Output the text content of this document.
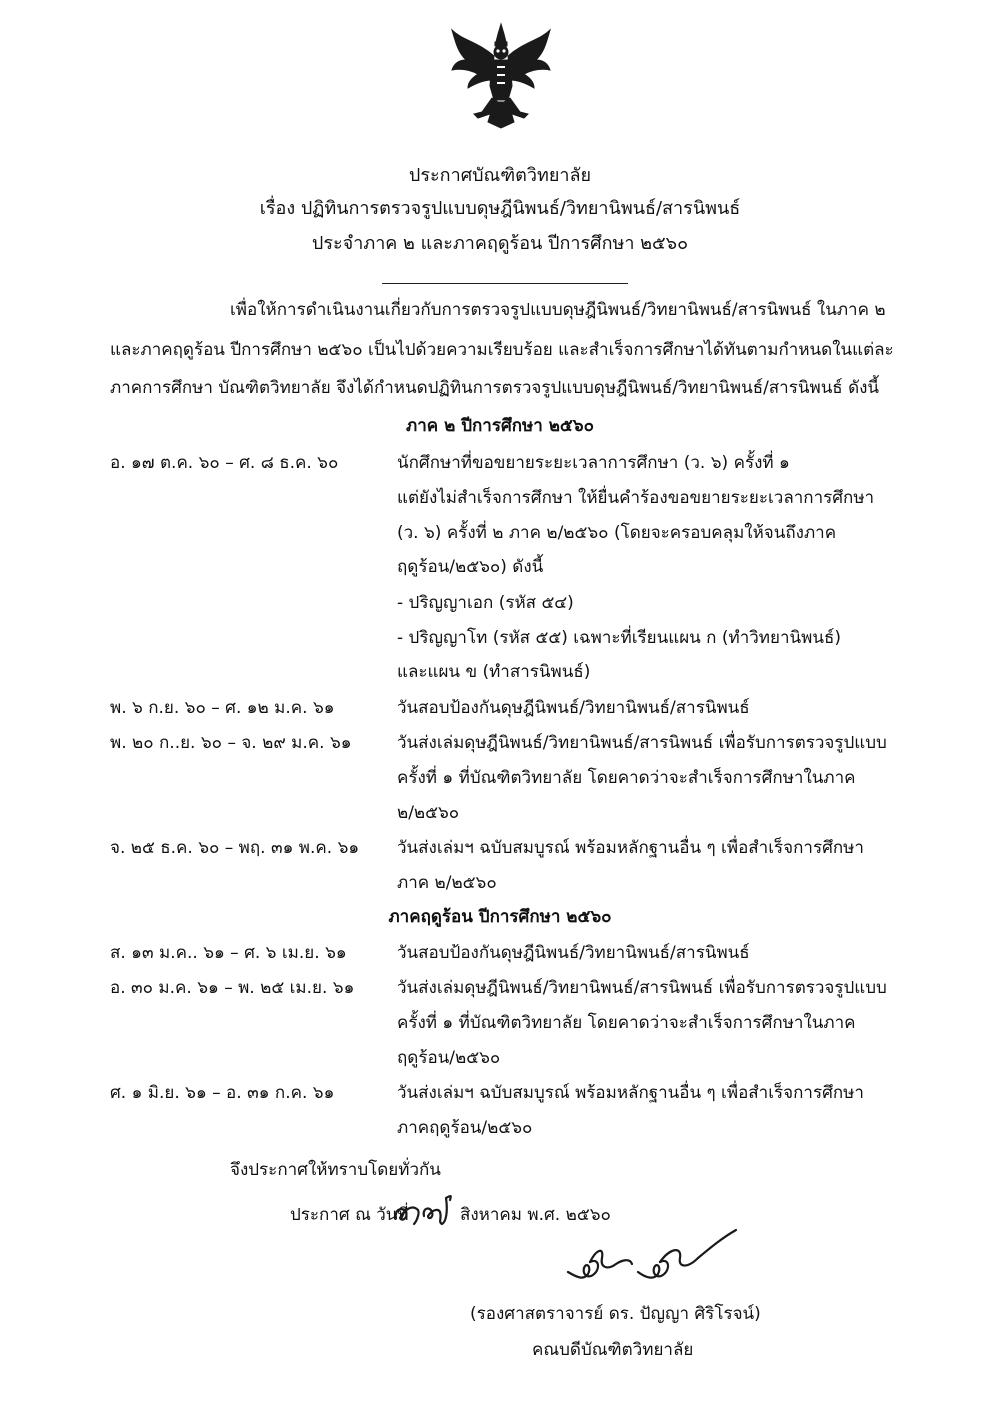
ประกาศบัณฑิตวิทยาลัย
เรื่อง ปฏิทินการตรวจรูปแบบดุษฎีนิพนธ์/วิทยานิพนธ์/สารนิพนธ์
ประจำภาค ๒ และภาคฤดูร้อน ปีการศึกษา ๒๕๖๐
เพื่อให้การดำเนินงานเกี่ยวกับการตรวจรูปแบบดุษฎีนิพนธ์/วิทยานิพนธ์/สารนิพนธ์ ในภาค ๒
และภาคฤดูร้อน ปีการศึกษา ๒๕๖๐ เป็นไปด้วยความเรียบร้อย และสำเร็จการศึกษาได้ทันตามกำหนดในแต่ละ
ภาคการศึกษา บัณฑิตวิทยาลัย จึงได้กำหนดปฏิทินการตรวจรูปแบบดุษฎีนิพนธ์/วิทยานิพนธ์/สารนิพนธ์ ดังนี้
ภาค ๒ ปีการศึกษา ๒๕๖๐
อ. ๑๗ ต.ค. ๖๐ – ศ. ๘ ธ.ค. ๖๐	นักศึกษาที่ขอขยายระยะเวลาการศึกษา (ว. ๖) ครั้งที่ ๑
แต่ยังไม่สำเร็จการศึกษา ให้ยื่นคำร้องขอขยายระยะเวลาการศึกษา
(ว. ๖) ครั้งที่ ๒ ภาค ๒/๒๕๖๐ (โดยจะครอบคลุมให้จนถึงภาค
ฤดูร้อน/๒๕๖๐) ดังนี้
- ปริญญาเอก (รหัส ๕๔)
- ปริญญาโท (รหัส ๕๕) เฉพาะที่เรียนแผน ก (ทำวิทยานิพนธ์)
และแผน ข (ทำสารนิพนธ์)
พ. ๖ ก.ย. ๖๐ – ศ. ๑๒ ม.ค. ๖๑	วันสอบป้องกันดุษฎีนิพนธ์/วิทยานิพนธ์/สารนิพนธ์
พ. ๒๐ ก..ย. ๖๐ – จ. ๒๙ ม.ค. ๖๑	วันส่งเล่มดุษฎีนิพนธ์/วิทยานิพนธ์/สารนิพนธ์ เพื่อรับการตรวจรูปแบบ
ครั้งที่ ๑ ที่บัณฑิตวิทยาลัย โดยคาดว่าจะสำเร็จการศึกษาในภาค
๒/๒๕๖๐
จ. ๒๕ ธ.ค. ๖๐ – พฤ. ๓๑ พ.ค. ๖๑ วันส่งเล่มฯ ฉบับสมบูรณ์ พร้อมหลักฐานอื่น ๆ เพื่อสำเร็จการศึกษา
ภาค ๒/๒๕๖๐
ภาคฤดูร้อน ปีการศึกษา ๒๕๖๐
ส. ๑๓ ม.ค.. ๖๑ – ศ. ๖ เม.ย. ๖๑	วันสอบป้องกันดุษฎีนิพนธ์/วิทยานิพนธ์/สารนิพนธ์
อ. ๓๐ ม.ค. ๖๑ – พ. ๒๕ เม.ย. ๖๑	วันส่งเล่มดุษฎีนิพนธ์/วิทยานิพนธ์/สารนิพนธ์ เพื่อรับการตรวจรูปแบบ
ครั้งที่ ๑ ที่บัณฑิตวิทยาลัย โดยคาดว่าจะสำเร็จการศึกษาในภาค
ฤดูร้อน/๒๕๖๐
ศ. ๑ มิ.ย. ๖๑ – อ. ๓๑ ก.ค. ๖๑	วันส่งเล่มฯ ฉบับสมบูรณ์ พร้อมหลักฐานอื่น ๆ เพื่อสำเร็จการศึกษา
ภาคฤดูร้อน/๒๕๖๐
จึงประกาศให้ทราบโดยทั่วกัน
ประกาศ ณ วันที่	สิงหาคม พ.ศ. ๒๕๖๐
(รองศาสตราจารย์ ดร. ปัญญา ศิริโรจน์)
คณบดีบัณฑิตวิทยาลัย
